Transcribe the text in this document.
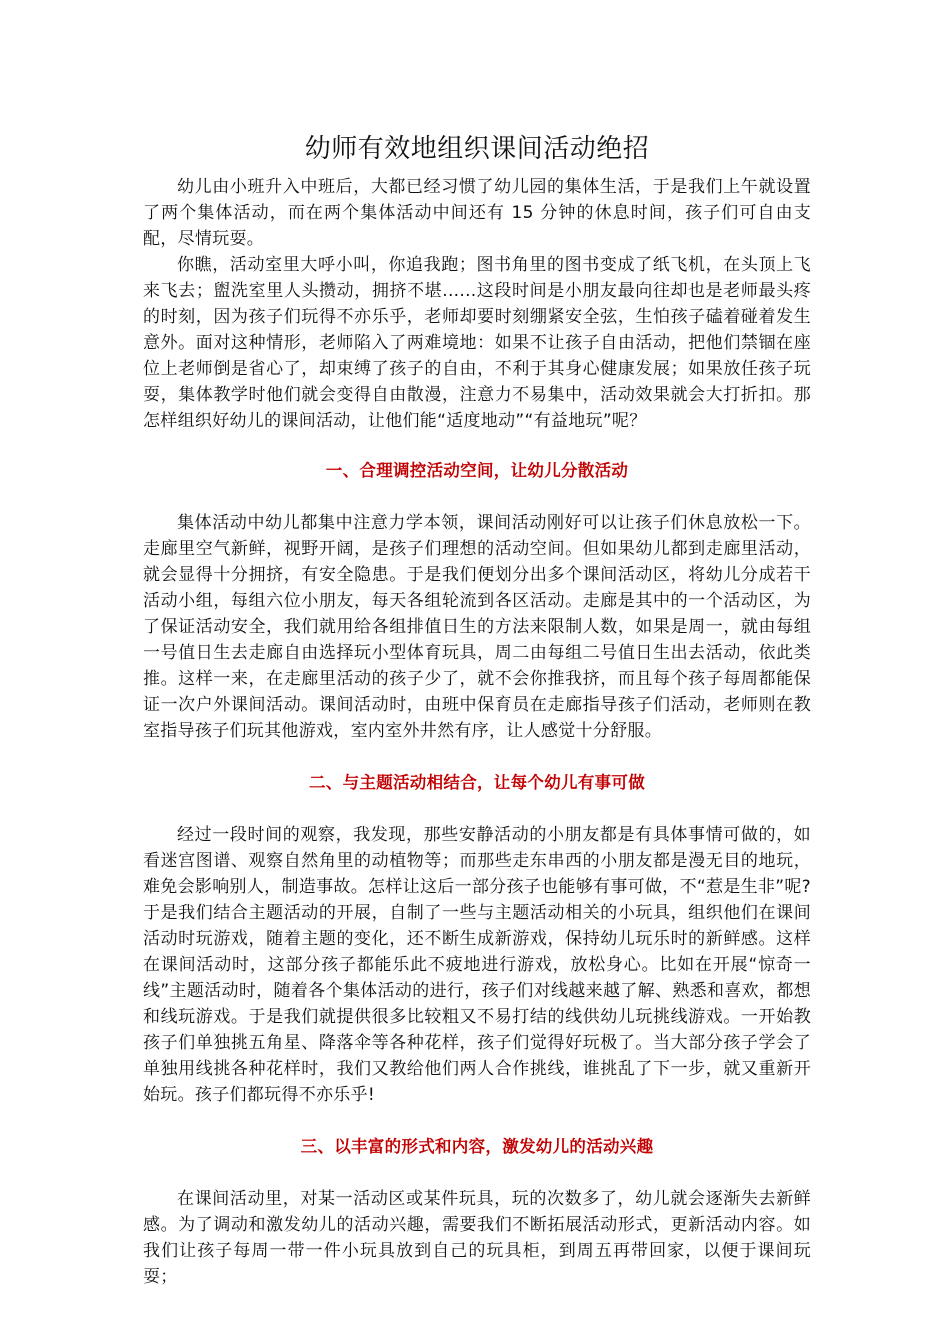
幼师有效地组织课间活动绝招

幼儿由小班升入中班后，大都已经习惯了幼儿园的集体生活，于是我们上午就设置了两个集体活动，而在两个集体活动中间还有 15 分钟的休息时间，孩子们可自由支配，尽情玩耍。

你瞧，活动室里大呼小叫，你追我跑；图书角里的图书变成了纸飞机，在头顶上飞来飞去；盥洗室里人头攒动，拥挤不堪......这段时间是小朋友最向往却也是老师最头疼的时刻，因为孩子们玩得不亦乐乎，老师却要时刻绷紧安全弦，生怕孩子磕着碰着发生意外。面对这种情形，老师陷入了两难境地：如果不让孩子自由活动，把他们禁锢在座位上老师倒是省心了，却束缚了孩子的自由，不利于其身心健康发展；如果放任孩子玩耍，集体教学时他们就会变得自由散漫，注意力不易集中，活动效果就会大打折扣。那怎样组织好幼儿的课间活动，让他们能“适度地动”“有益地玩”呢？

一、合理调控活动空间，让幼儿分散活动

集体活动中幼儿都集中注意力学本领，课间活动刚好可以让孩子们休息放松一下。走廊里空气新鲜，视野开阔，是孩子们理想的活动空间。但如果幼儿都到走廊里活动，就会显得十分拥挤，有安全隐患。于是我们便划分出多个课间活动区，将幼儿分成若干活动小组，每组六位小朋友，每天各组轮流到各区活动。走廊是其中的一个活动区，为了保证活动安全，我们就用给各组排值日生的方法来限制人数，如果是周一，就由每组一号值日生去走廊自由选择玩小型体育玩具，周二由每组二号值日生出去活动，依此类推。这样一来，在走廊里活动的孩子少了，就不会你推我挤，而且每个孩子每周都能保证一次户外课间活动。课间活动时，由班中保育员在走廊指导孩子们活动，老师则在教室指导孩子们玩其他游戏，室内室外井然有序，让人感觉十分舒服。

二、与主题活动相结合，让每个幼儿有事可做

经过一段时间的观察，我发现，那些安静活动的小朋友都是有具体事情可做的，如看迷宫图谱、观察自然角里的动植物等；而那些走东串西的小朋友都是漫无目的地玩，难免会影响别人，制造事故。怎样让这后一部分孩子也能够有事可做，不“惹是生非”呢?于是我们结合主题活动的开展，自制了一些与主题活动相关的小玩具，组织他们在课间活动时玩游戏，随着主题的变化，还不断生成新游戏，保持幼儿玩乐时的新鲜感。这样在课间活动时，这部分孩子都能乐此不疲地进行游戏，放松身心。比如在开展“惊奇一线”主题活动时，随着各个集体活动的进行，孩子们对线越来越了解、熟悉和喜欢，都想和线玩游戏。于是我们就提供很多比较粗又不易打结的线供幼儿玩挑线游戏。一开始教孩子们单独挑五角星、降落伞等各种花样，孩子们觉得好玩极了。当大部分孩子学会了单独用线挑各种花样时，我们又教给他们两人合作挑线，谁挑乱了下一步，就又重新开始玩。孩子们都玩得不亦乐乎!

三、以丰富的形式和内容，激发幼儿的活动兴趣

在课间活动里，对某一活动区或某件玩具，玩的次数多了，幼儿就会逐渐失去新鲜感。为了调动和激发幼儿的活动兴趣，需要我们不断拓展活动形式，更新活动内容。如我们让孩子每周一带一件小玩具放到自己的玩具柜，到周五再带回家，以便于课间玩耍；
